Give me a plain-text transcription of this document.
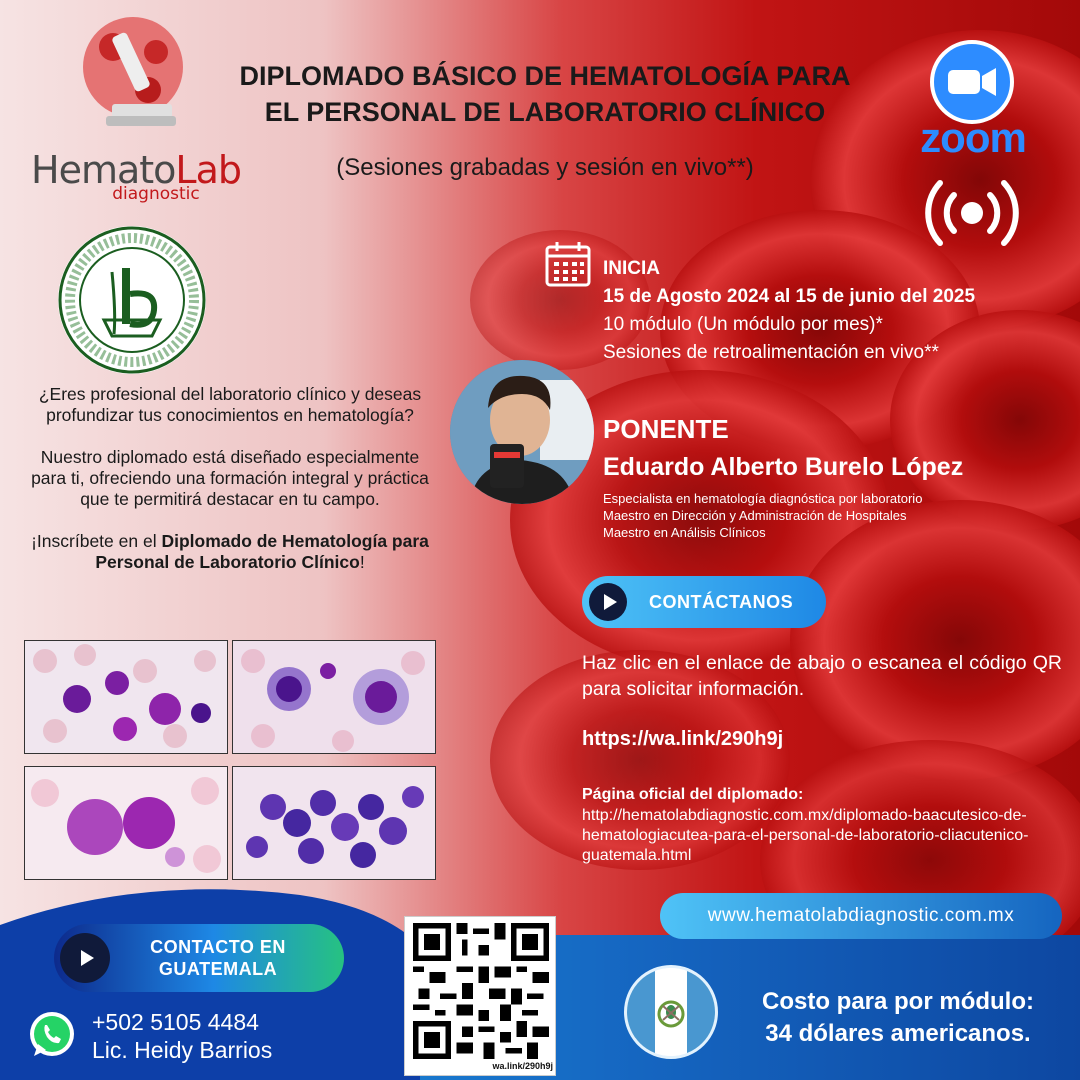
HematoLab
diagnostic
DIPLOMADO BÁSICO DE HEMATOLOGÍA PARA
EL PERSONAL DE LABORATORIO CLÍNICO
(Sesiones grabadas y sesión en vivo**)
zoom

¿Eres profesional del laboratorio clínico y deseas profundizar tus conocimientos en hematología?

Nuestro diplomado está diseñado especialmente para ti, ofreciendo una formación integral y práctica que te permitirá destacar en tu campo.

¡Inscríbete en el Diplomado de Hematología para Personal de Laboratorio Clínico!

INICIA
15 de Agosto 2024 al 15 de junio del 2025
10 módulo (Un módulo por mes)*
Sesiones de retroalimentación en vivo**
PONENTE
Eduardo Alberto Burelo López
Especialista en hematología diagnóstica por laboratorio
Maestro en Dirección y Administración de Hospitales
Maestro en Análisis Clínicos
CONTÁCTANOS
Haz clic en el enlace de abajo o escanea el código QR para solicitar información.
https://wa.link/290h9j
Página oficial del diplomado:
http://hematolabdiagnostic.com.mx/diplomado-baacutesico-de-hematologiacutea-para-el-personal-de-laboratorio-cliacutenico-guatemala.html
www.hematolabdiagnostic.com.mx
CONTACTO EN GUATEMALA
+502 5105 4484
Lic. Heidy Barrios
wa.link/290h9j
Costo para por módulo:
34 dólares americanos.
